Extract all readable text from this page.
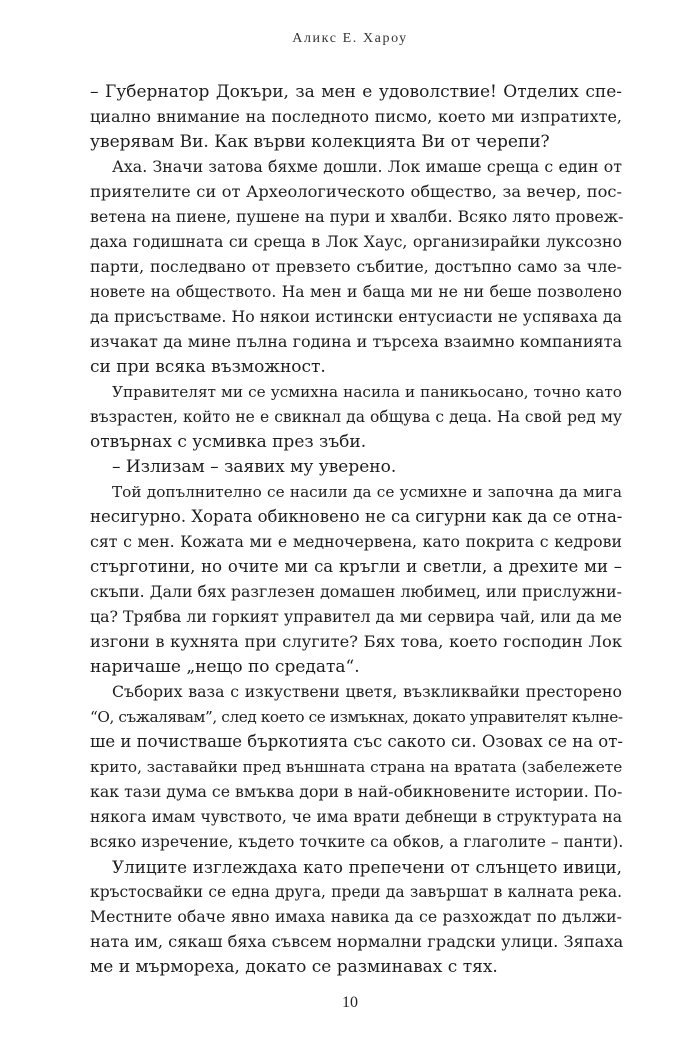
Аликс Е. Хароу
– Губернатор Докъри, за мен е удоволствие! Отделих спе-
циално внимание на последното писмо, което ми изпратихте,
уверявам Ви. Как върви колекцията Ви от черепи?
Аха. Значи затова бяхме дошли. Лок имаше среща с един от
приятелите си от Археологическото общество, за вечер, пос-
ветена на пиене, пушене на пури и хвалби. Всяко лято провеж-
даха годишната си среща в Лок Хаус, организирайки луксозно
парти, последвано от превзето събитие, достъпно само за чле-
новете на обществото. На мен и баща ми не ни беше позволено
да присъстваме. Но някои истински ентусиасти не успяваха да
изчакат да мине пълна година и търсеха взаимно компанията
си при всяка възможност.
Управителят ми се усмихна насила и паникьосано, точно като
възрастен, който не е свикнал да общува с деца. На свой ред му
отвърнах с усмивка през зъби.
– Излизам – заявих му уверено.
Той допълнително се насили да се усмихне и започна да мига
несигурно. Хората обикновено не са сигурни как да се отна-
сят с мен. Кожата ми е медночервена, като покрита с кедрови
стърготини, но очите ми са кръгли и светли, а дрехите ми –
скъпи. Дали бях разглезен домашен любимец, или прислужни-
ца? Трябва ли горкият управител да ми сервира чай, или да ме
изгони в кухнята при слугите? Бях това, което господин Лок
наричаше „нещо по средата“.
Съборих ваза с изкуствени цветя, възкликвайки престорено
“О, съжалявам”, след което се измъкнах, докато управителят кълне-
ше и почистваше бъркотията със сакото си. Озовах се на от-
крито, заставайки пред външната страна на вратата (забележете
как тази дума се вмъква дори в най-обикновените истории. По-
някога имам чувството, че има врати дебнещи в структурата на
всяко изречение, където точките са обков, а глаголите – панти).
Улиците изглеждаха като препечени от слънцето ивици,
кръстосвайки се една друга, преди да завършат в калната река.
Местните обаче явно имаха навика да се разхождат по дължи-
ната им, сякаш бяха съвсем нормални градски улици. Зяпаха
ме и мърмореха, докато се разминавах с тях.
10
